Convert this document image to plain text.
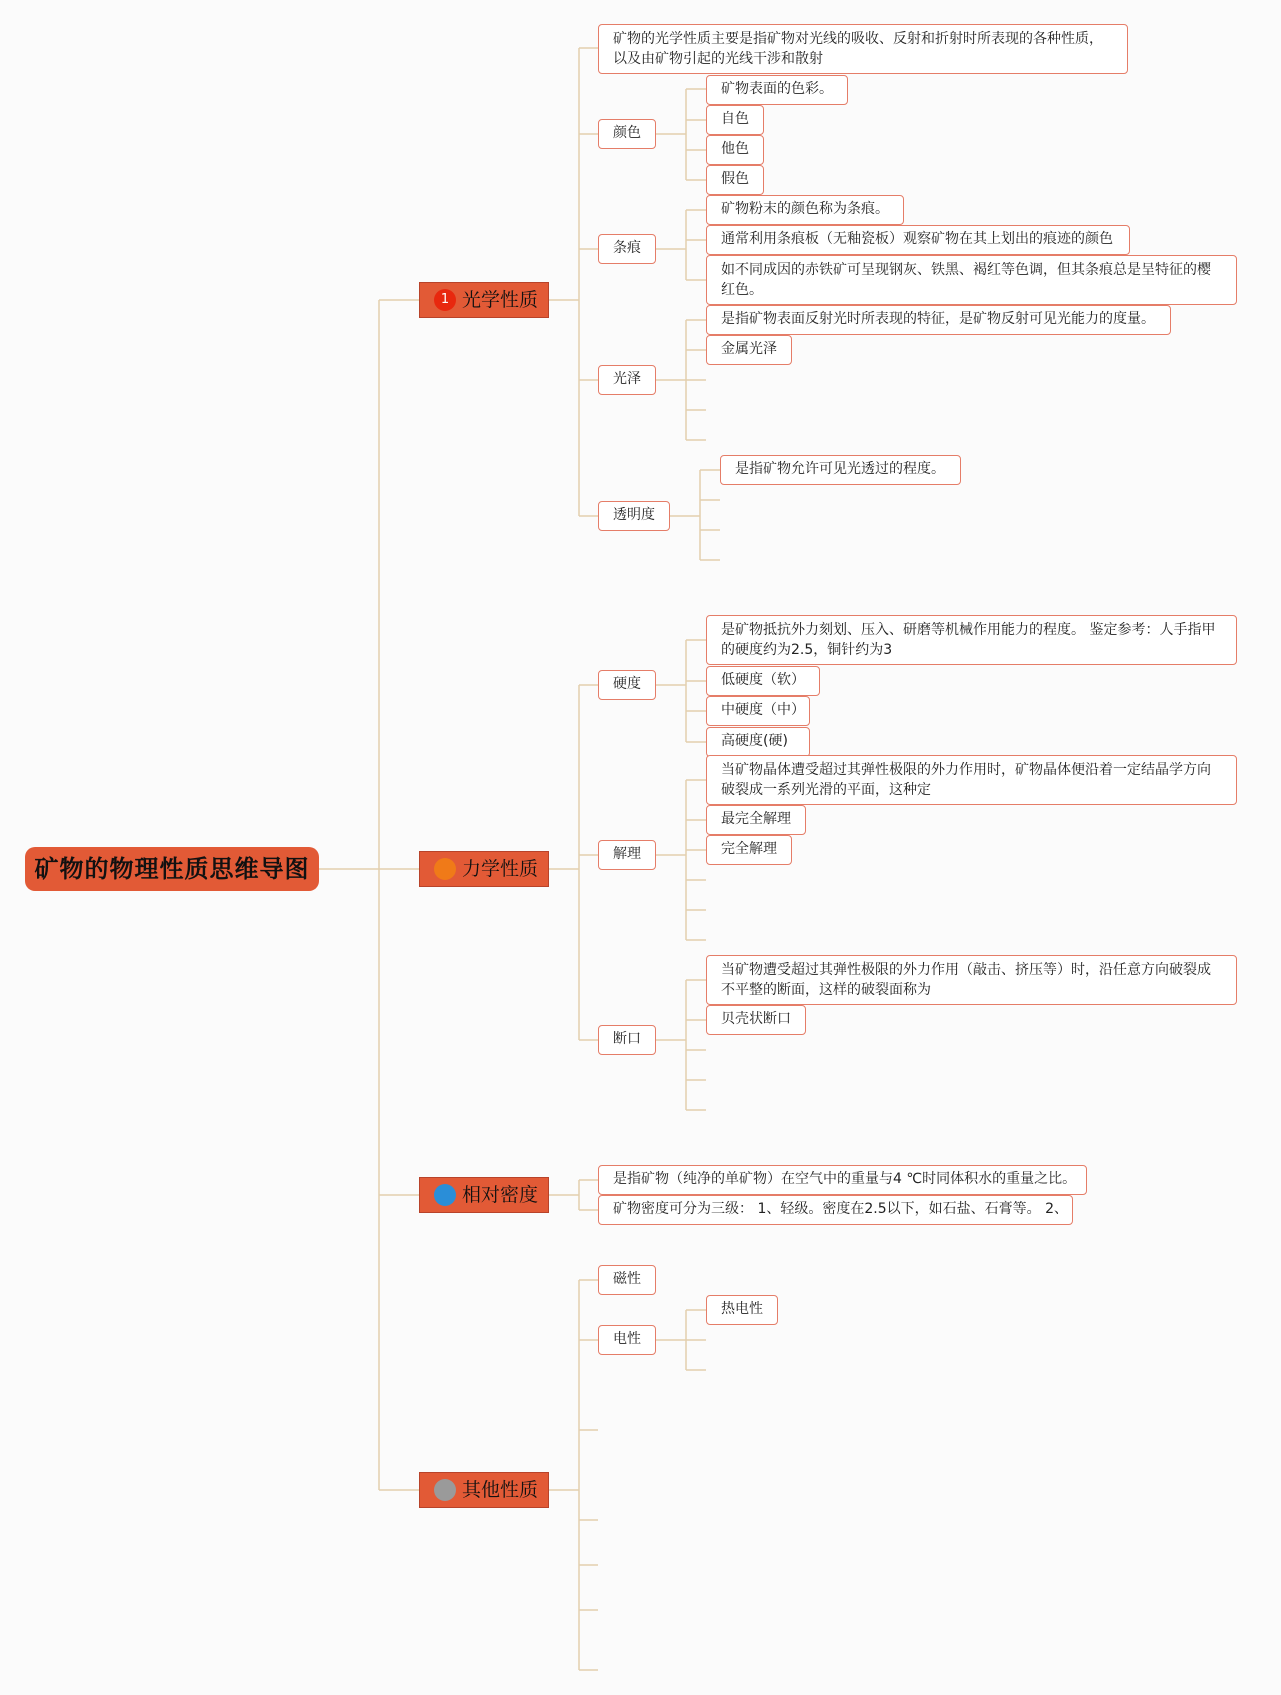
矿物的物理性质思维导图
1 光学性质
力学性质
相对密度
其他性质
矿物的光学性质主要是指矿物对光线的吸收、反射和折射时所表现的各种性质，以及由矿物引起的光线干涉和散射
颜色
矿物表面的色彩。
自色
他色
假色
条痕
矿物粉末的颜色称为条痕。
通常利用条痕板（无釉瓷板）观察矿物在其上划出的痕迹的颜色
如不同成因的赤铁矿可呈现钢灰、铁黑、褐红等色调，但其条痕总是呈特征的樱红色。
光泽
是指矿物表面反射光时所表现的特征，是矿物反射可见光能力的度量。
金属光泽
透明度
是指矿物允许可见光透过的程度。
硬度
是矿物抵抗外力刻划、压入、研磨等机械作用能力的程度。 鉴定参考：人手指甲的硬度约为2.5，铜针约为3
低硬度（软）
中硬度（中）
高硬度(硬)
解理
当矿物晶体遭受超过其弹性极限的外力作用时，矿物晶体便沿着一定结晶学方向破裂成一系列光滑的平面，这种定
最完全解理
完全解理
断口
当矿物遭受超过其弹性极限的外力作用（敲击、挤压等）时，沿任意方向破裂成不平整的断面，这样的破裂面称为
贝壳状断口
是指矿物（纯净的单矿物）在空气中的重量与4 ℃时同体积水的重量之比。
矿物密度可分为三级： 1、轻级。密度在2.5以下，如石盐、石膏等。 2、
磁性
电性
热电性
